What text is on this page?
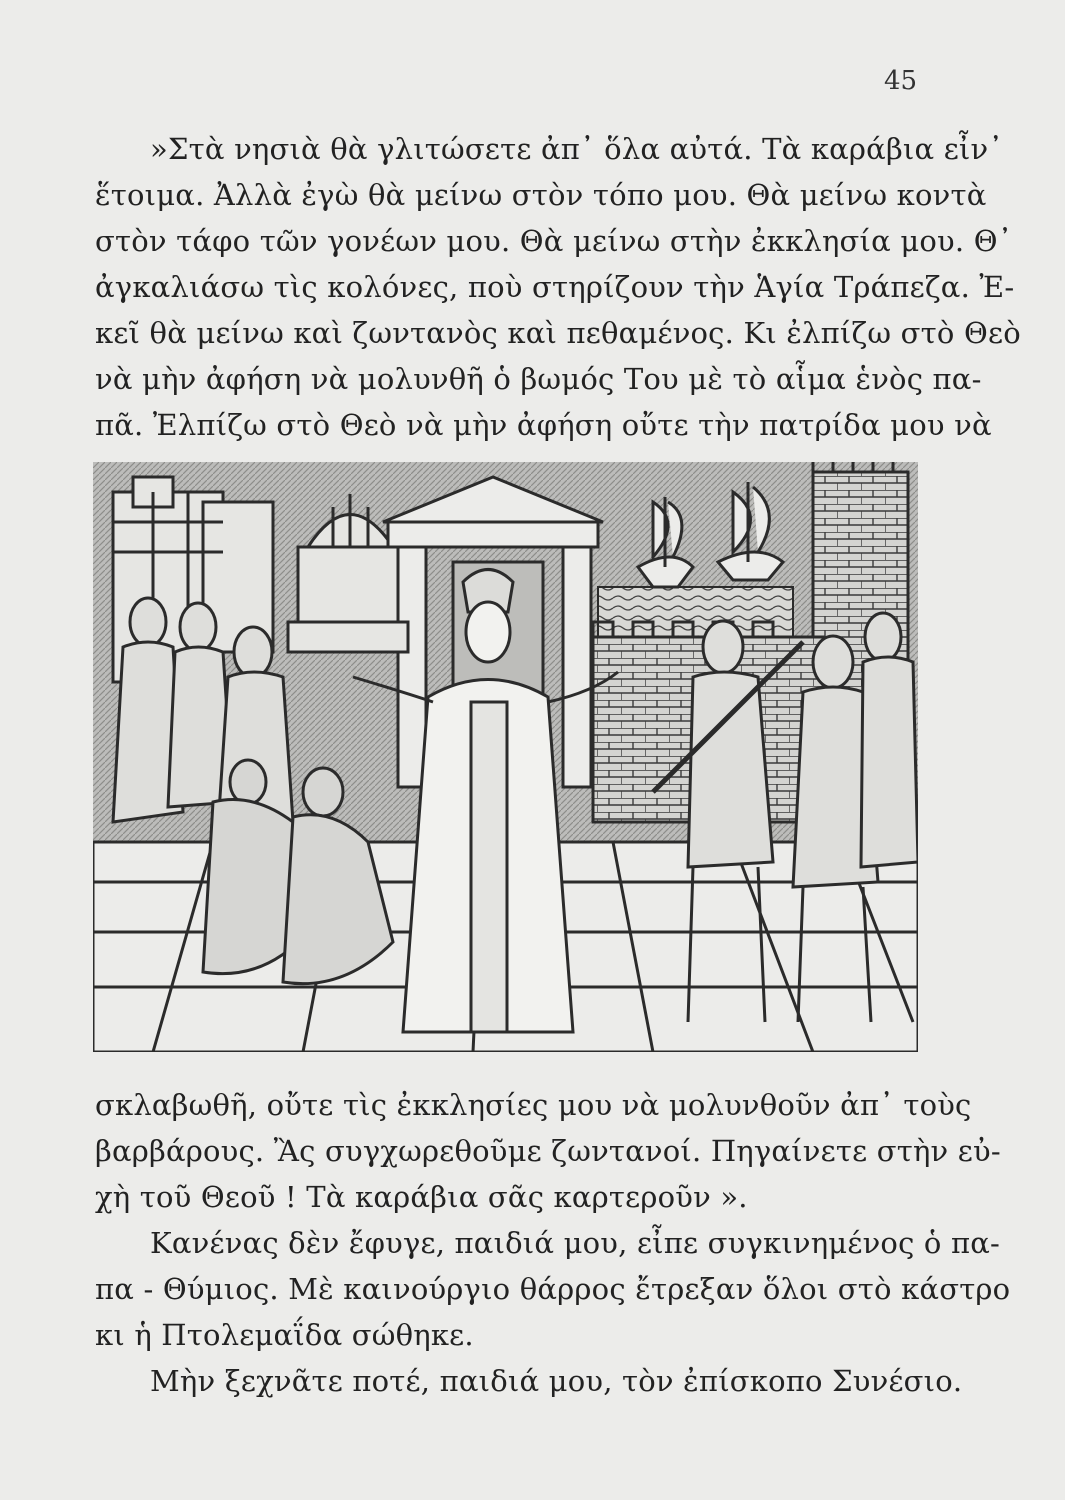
45
»Στὰ νησιὰ θὰ γλιτώσετε ἀπ᾽ ὅλα αὐτά. Τὰ καράβια εἶν᾽
ἕτοιμα. Ἀλλὰ ἐγὼ θὰ μείνω στὸν τόπο μου. Θὰ μείνω κοντὰ
στὸν τάφο τῶν γονέων μου. Θὰ μείνω στὴν ἐκκλησία μου. Θ᾽
ἀγκαλιάσω τὶς κολόνες, ποὺ στηρίζουν τὴν Ἁγία Τράπεζα. Ἐ-
κεῖ θὰ μείνω καὶ ζωντανὸς καὶ πεθαμένος. Κι ἐλπίζω στὸ Θεὸ
νὰ μὴν ἀφήση νὰ μολυνθῆ ὁ βωμός Του μὲ τὸ αἷμα ἑνὸς πα-
πᾶ. Ἐλπίζω στὸ Θεὸ νὰ μὴν ἀφήση οὔτε τὴν πατρίδα μου νὰ
σκλαβωθῆ, οὔτε τὶς ἐκκλησίες μου νὰ μολυνθοῦν ἀπ᾽ τοὺς
βαρβάρους. Ἂς συγχωρεθοῦμε ζωντανοί. Πηγαίνετε στὴν εὐ-
χὴ τοῦ Θεοῦ ! Τὰ καράβια σᾶς καρτεροῦν ».
Κανένας δὲν ἔφυγε, παιδιά μου, εἶπε συγκινημένος ὁ πα-
πα - Θύμιος. Μὲ καινούργιο θάρρος ἔτρεξαν ὅλοι στὸ κάστρο
κι ἡ Πτολεμαΐδα σώθηκε.
Μὴν ξεχνᾶτε ποτέ, παιδιά μου, τὸν ἐπίσκοπο Συνέσιο.
